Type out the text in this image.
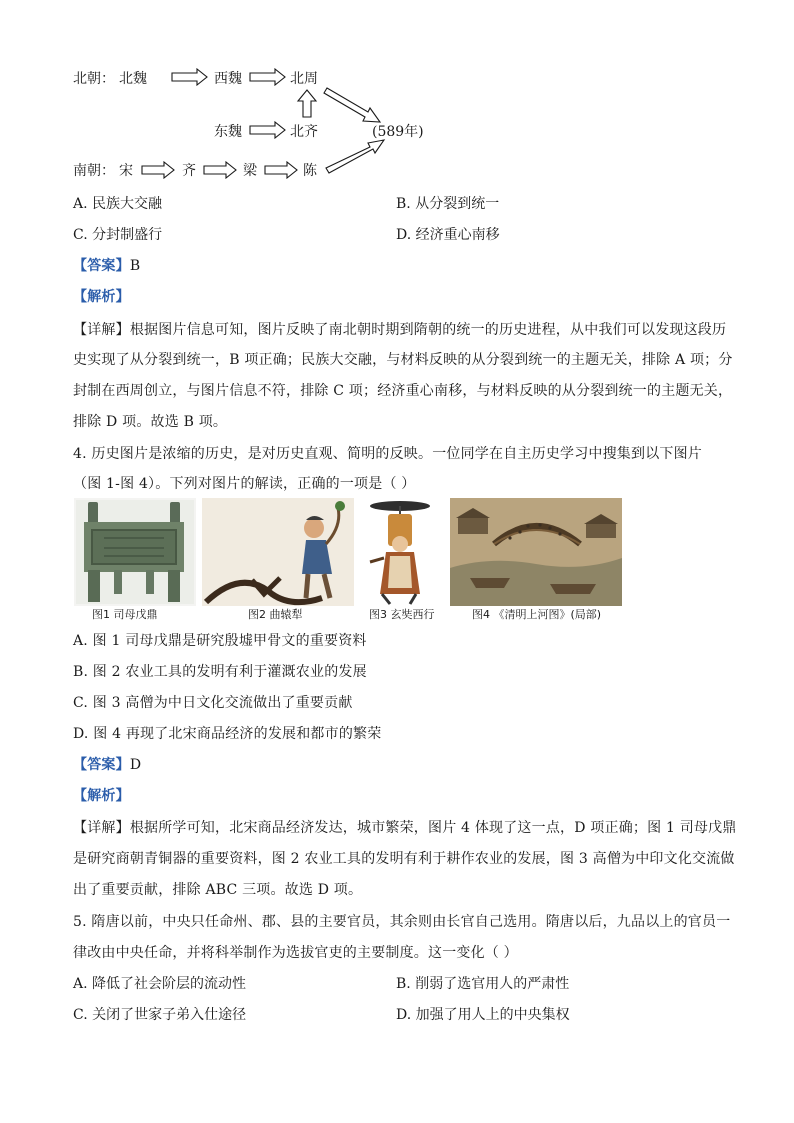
北朝： 北魏	西魏	北周
东魏	北齐	(589年)
南朝： 宋	齐	梁	陈
A. 民族大交融	B. 从分裂到统一
C. 分封制盛行	D. 经济重心南移
【答案】B
【解析】
【详解】根据图片信息可知，图片反映了南北朝时期到隋朝的统一的历史进程，从中我们可以发现这段历
史实现了从分裂到统一，B 项正确；民族大交融，与材料反映的从分裂到统一的主题无关，排除 A 项；分
封制在西周创立，与图片信息不符，排除 C 项；经济重心南移，与材料反映的从分裂到统一的主题无关，
排除 D 项。故选 B 项。
4. 历史图片是浓缩的历史，是对历史直观、简明的反映。一位同学在自主历史学习中搜集到以下图片
（图 1-图 4）。下列对图片的解读，正确的一项是（ ）
图1 司母戊鼎	图2 曲辕犁	图3 玄奘西行	图4 《清明上河图》(局部)
A. 图 1 司母戊鼎是研究殷墟甲骨文的重要资料
B. 图 2 农业工具的发明有利于灌溉农业的发展
C. 图 3 高僧为中日文化交流做出了重要贡献
D. 图 4 再现了北宋商品经济的发展和都市的繁荣
【答案】D
【解析】
【详解】根据所学可知，北宋商品经济发达，城市繁荣，图片 4 体现了这一点，D 项正确；图 1 司母戊鼎
是研究商朝青铜器的重要资料，图 2 农业工具的发明有利于耕作农业的发展，图 3 高僧为中印文化交流做
出了重要贡献，排除 ABC 三项。故选 D 项。
5. 隋唐以前，中央只任命州、郡、县的主要官员，其余则由长官自己选用。隋唐以后，九品以上的官员一
律改由中央任命，并将科举制作为选拔官吏的主要制度。这一变化（ ）
A. 降低了社会阶层的流动性	B. 削弱了选官用人的严肃性
C. 关闭了世家子弟入仕途径	D. 加强了用人上的中央集权
